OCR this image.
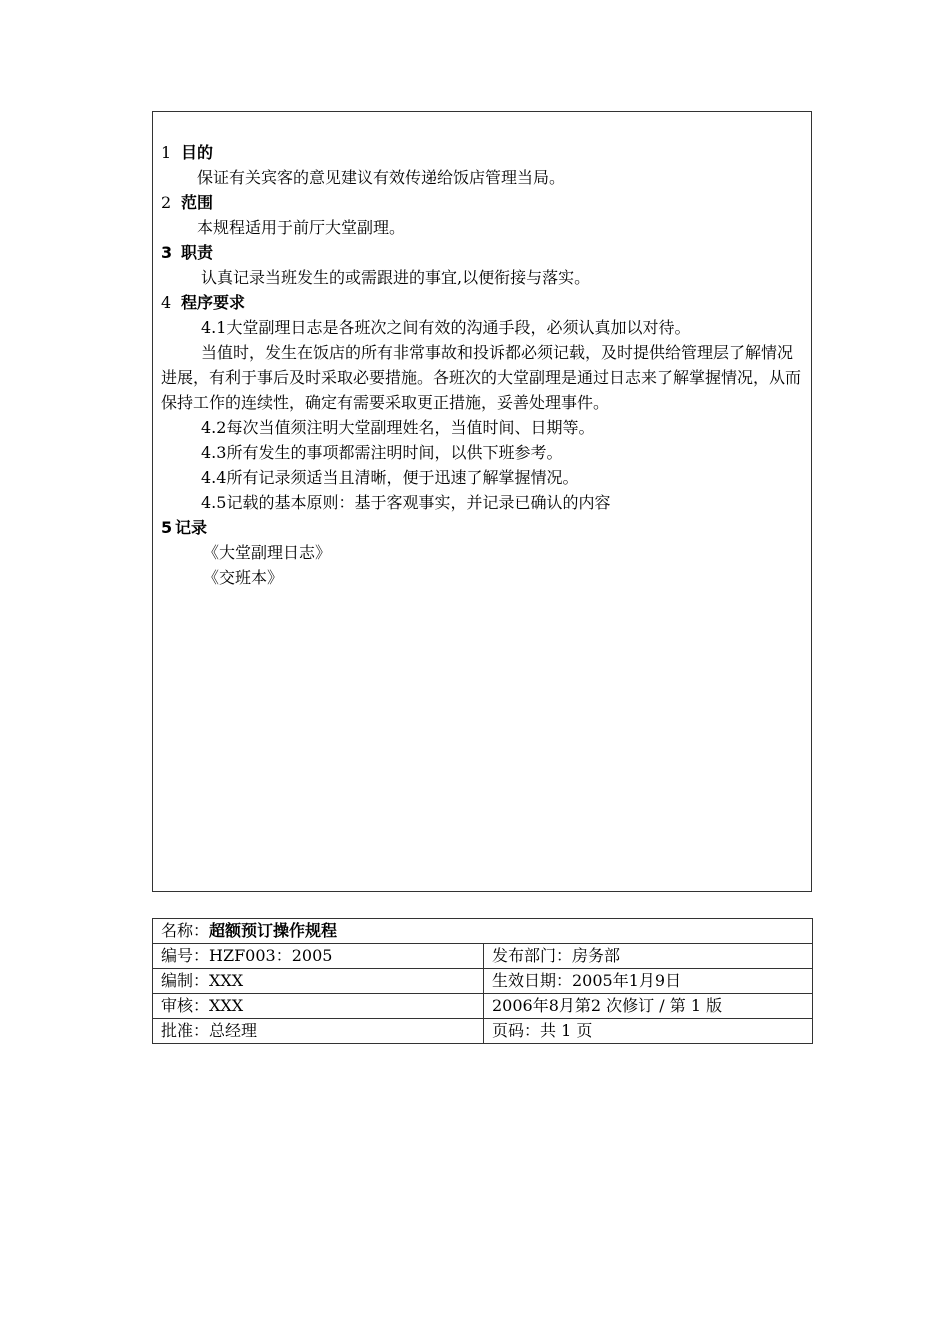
1 目的
保证有关宾客的意见建议有效传递给饭店管理当局。
2 范围
本规程适用于前厅大堂副理。
3 职责
认真记录当班发生的或需跟进的事宜,以便衔接与落实。
4 程序要求
4.1大堂副理日志是各班次之间有效的沟通手段，必须认真加以对待。
当值时，发生在饭店的所有非常事故和投诉都必须记载，及时提供给管理层了解情况进展，有利于事后及时采取必要措施。各班次的大堂副理是通过日志来了解掌握情况，从而保持工作的连续性，确定有需要采取更正措施，妥善处理事件。
4.2每次当值须注明大堂副理姓名，当值时间、日期等。
4.3所有发生的事项都需注明时间，以供下班参考。
4.4所有记录须适当且清晰，便于迅速了解掌握情况。
4.5记载的基本原则：基于客观事实，并记录已确认的内容
5 记录
《大堂副理日志》
《交班本》
名称：超额预订操作规程	
编号：HZF003：2005	发布部门：房务部
编制：XXX	生效日期：2005年1月9日
审核：XXX	2006年8月第2 次修订 / 第 1 版
批准：总经理	页码：共 1 页
